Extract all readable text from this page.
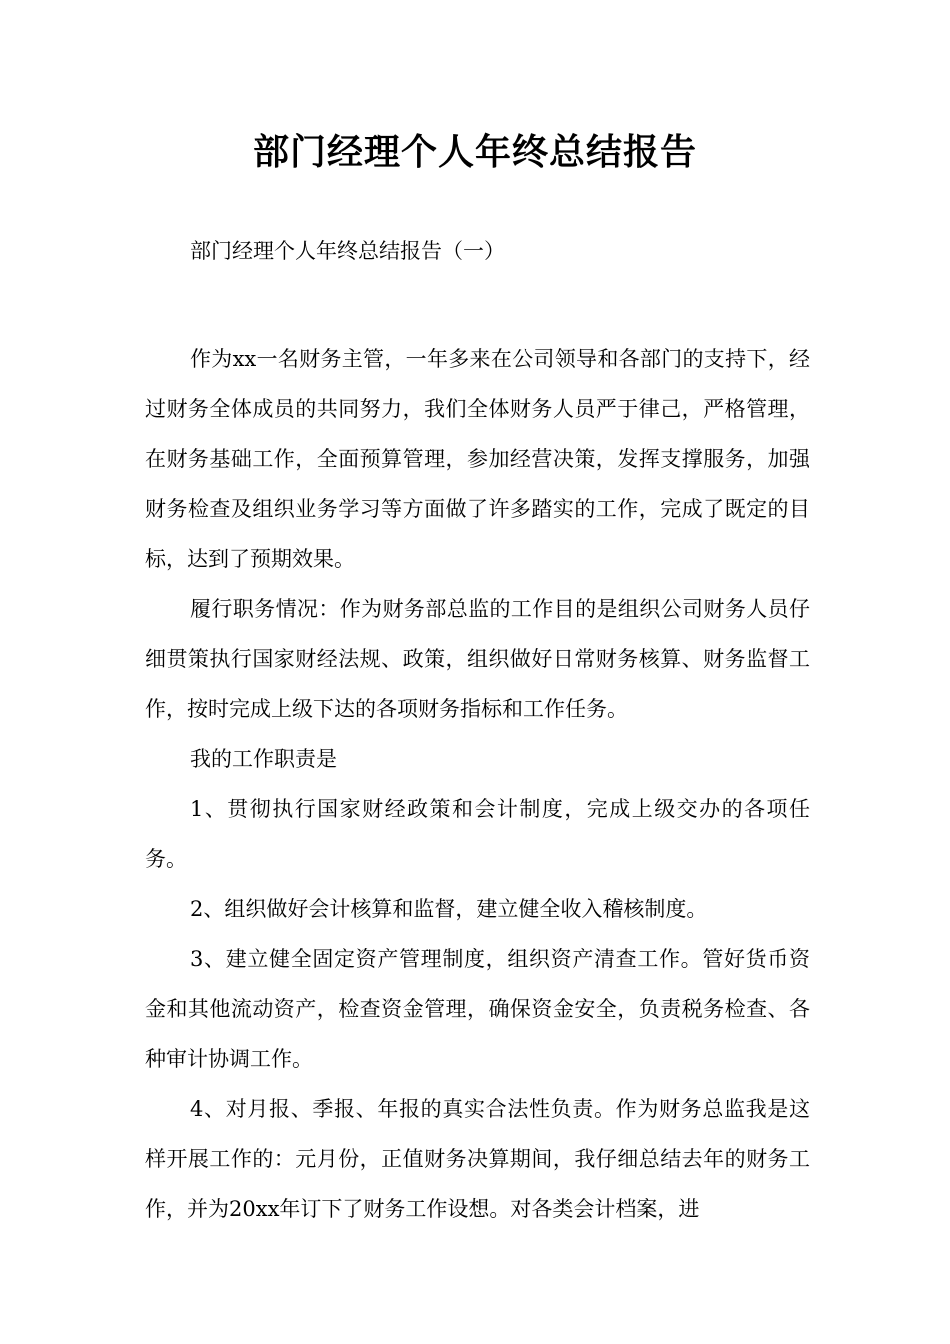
部门经理个人年终总结报告

部门经理个人年终总结报告（一）

作为xx一名财务主管，一年多来在公司领导和各部门的支持下，经过财务全体成员的共同努力，我们全体财务人员严于律己，严格管理，在财务基础工作，全面预算管理，参加经营决策，发挥支撑服务，加强财务检查及组织业务学习等方面做了许多踏实的工作，完成了既定的目标，达到了预期效果。

履行职务情况：作为财务部总监的工作目的是组织公司财务人员仔细贯策执行国家财经法规、政策，组织做好日常财务核算、财务监督工作，按时完成上级下达的各项财务指标和工作任务。

我的工作职责是

1、贯彻执行国家财经政策和会计制度，完成上级交办的各项任务。

2、组织做好会计核算和监督，建立健全收入稽核制度。

3、建立健全固定资产管理制度，组织资产清查工作。管好货币资金和其他流动资产，检查资金管理，确保资金安全，负责税务检查、各种审计协调工作。

4、对月报、季报、年报的真实合法性负责。作为财务总监我是这样开展工作的：元月份，正值财务决算期间，我仔细总结去年的财务工作，并为20xx年订下了财务工作设想。对各类会计档案，进
